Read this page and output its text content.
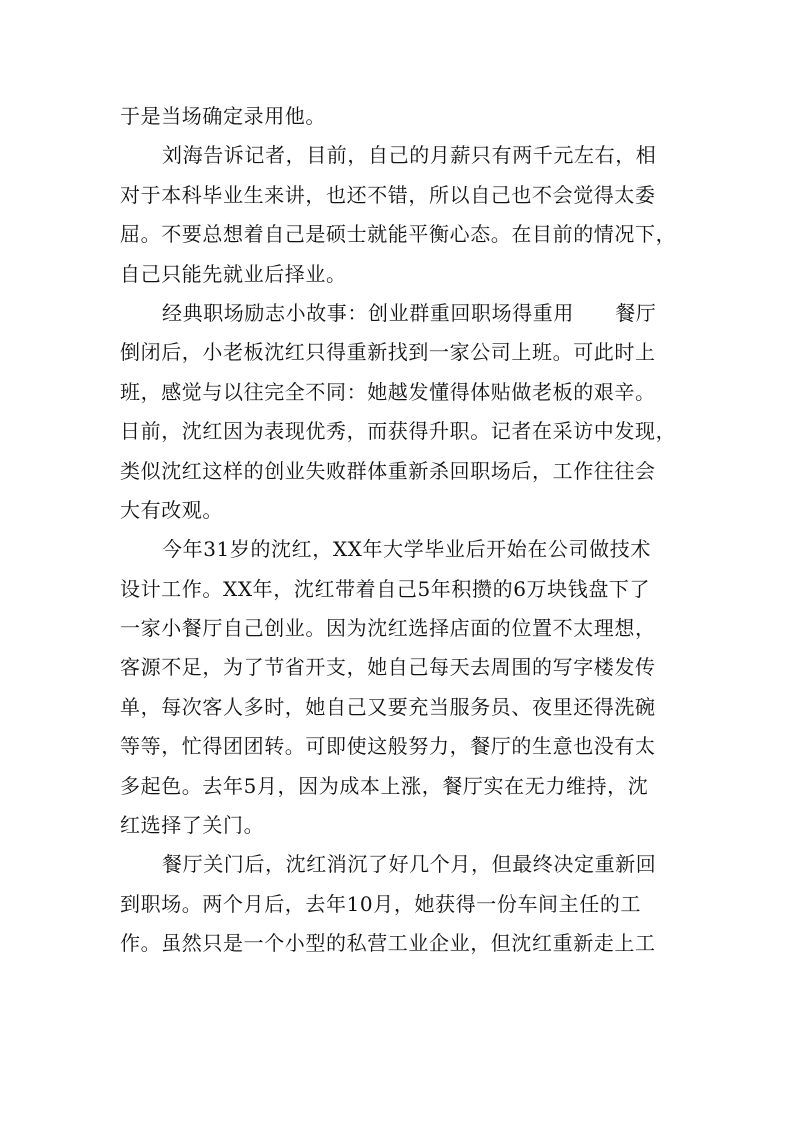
于是当场确定录用他。
刘海告诉记者，目前，自己的月薪只有两千元左右，相
对于本科毕业生来讲，也还不错，所以自己也不会觉得太委
屈。不要总想着自己是硕士就能平衡心态。在目前的情况下，
自己只能先就业后择业。
经典职场励志小故事：创业群重回职场得重用　　餐厅
倒闭后，小老板沈红只得重新找到一家公司上班。可此时上
班，感觉与以往完全不同：她越发懂得体贴做老板的艰辛。
日前，沈红因为表现优秀，而获得升职。记者在采访中发现，
类似沈红这样的创业失败群体重新杀回职场后，工作往往会
大有改观。
今年31岁的沈红，XX年大学毕业后开始在公司做技术
设计工作。XX年，沈红带着自己5年积攒的6万块钱盘下了
一家小餐厅自己创业。因为沈红选择店面的位置不太理想，
客源不足，为了节省开支，她自己每天去周围的写字楼发传
单，每次客人多时，她自己又要充当服务员、夜里还得洗碗
等等，忙得团团转。可即使这般努力，餐厅的生意也没有太
多起色。去年5月，因为成本上涨，餐厅实在无力维持，沈
红选择了关门。
餐厅关门后，沈红消沉了好几个月，但最终决定重新回
到职场。两个月后，去年10月，她获得一份车间主任的工
作。虽然只是一个小型的私营工业企业，但沈红重新走上工
